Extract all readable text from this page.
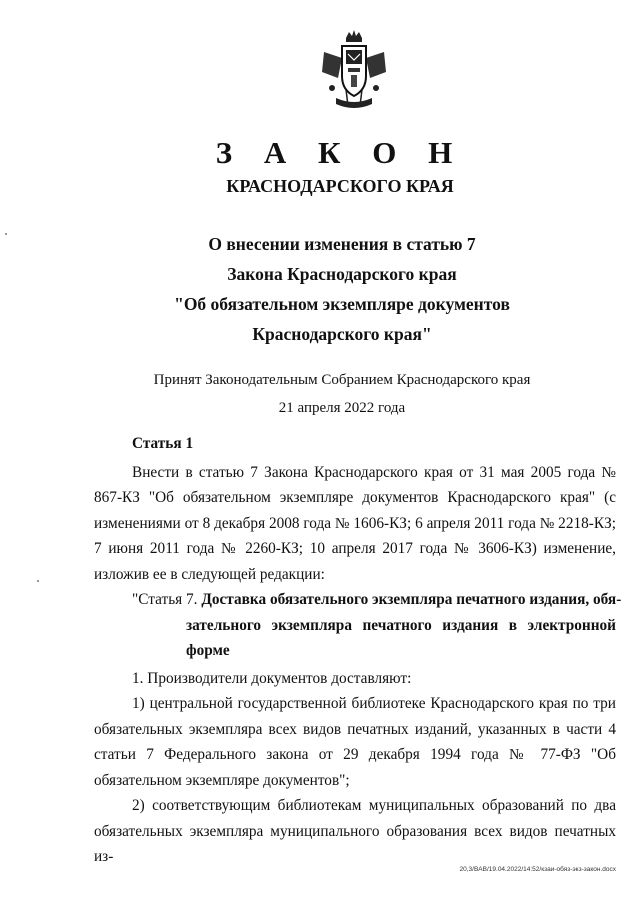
З А К О Н
КРАСНОДАРСКОГО КРАЯ
О внесении изменения в статью 7
Закона Краснодарского края
"Об обязательном экземпляре документов
Краснодарского края"
Принят Законодательным Собранием Краснодарского края
21 апреля 2022 года

Статья 1

Внести в статью 7 Закона Краснодарского края от 31 мая 2005 года № 867-КЗ "Об обязательном экземпляре документов Краснодарского края" (с изменениями от 8 декабря 2008 года № 1606-КЗ; 6 апреля 2011 года № 2218-КЗ; 7 июня 2011 года № 2260-КЗ; 10 апреля 2017 года № 3606-КЗ) изменение, изложив ее в следующей редакции:

"Статья 7. Доставка обязательного экземпляра печатного издания, обя-

зательного экземпляра печатного издания в электронной форме

1. Производители документов доставляют:

1) центральной государственной библиотеке Краснодарского края по три обязательных экземпляра всех видов печатных изданий, указанных в части 4 статьи 7 Федерального закона от 29 декабря 1994 года № 77-ФЗ "Об обязательном экземпляре документов";

2) соответствующим библиотекам муниципальных образований по два обязательных экземпляра муниципального образования всех видов печатных из-

20,3/BAB/19.04.2022/14:52/кзаи-обяз-экз-закон.docx
